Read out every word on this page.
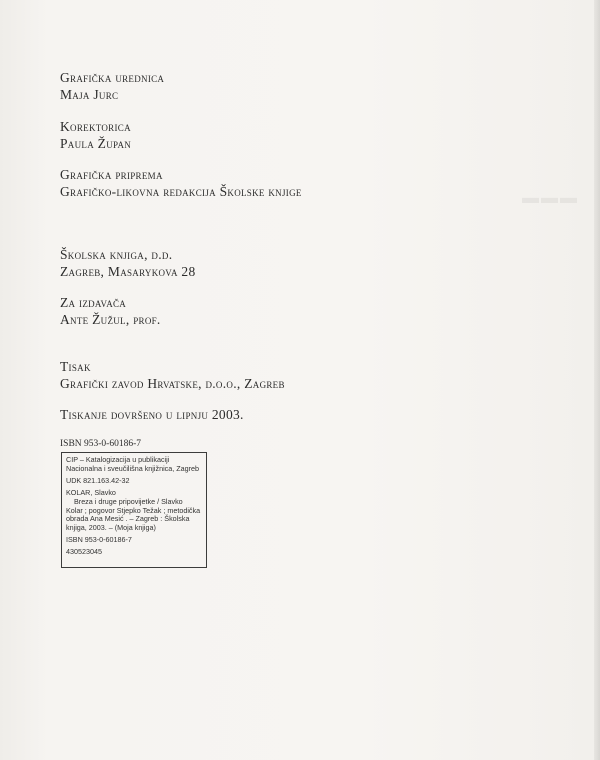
▬▬▬
Grafička urednica
Maja Jurc
Korektorica
Paula Župan
Grafička priprema
Grafičko-likovna redakcija Školske knjige
Školska knjiga, d.d.
Zagreb, Masarykova 28
Za izdavača
Ante Žužul, prof.
Tisak
Grafički zavod Hrvatske, d.o.o., Zagreb
Tiskanje dovršeno u lipnju 2003.
ISBN 953-0-60186-7
CIP – Katalogizacija u publikaciji
Nacionalna i sveučilišna knjižnica, Zagreb
UDK 821.163.42-32
KOLAR, Slavko
Breza i druge pripovijetke / Slavko
Kolar ; pogovor Stjepko Težak ; metodička
obrada Ana Mesić . – Zagreb : Školska
knjiga, 2003. – (Moja knjiga)
ISBN 953-0-60186-7
430523045
